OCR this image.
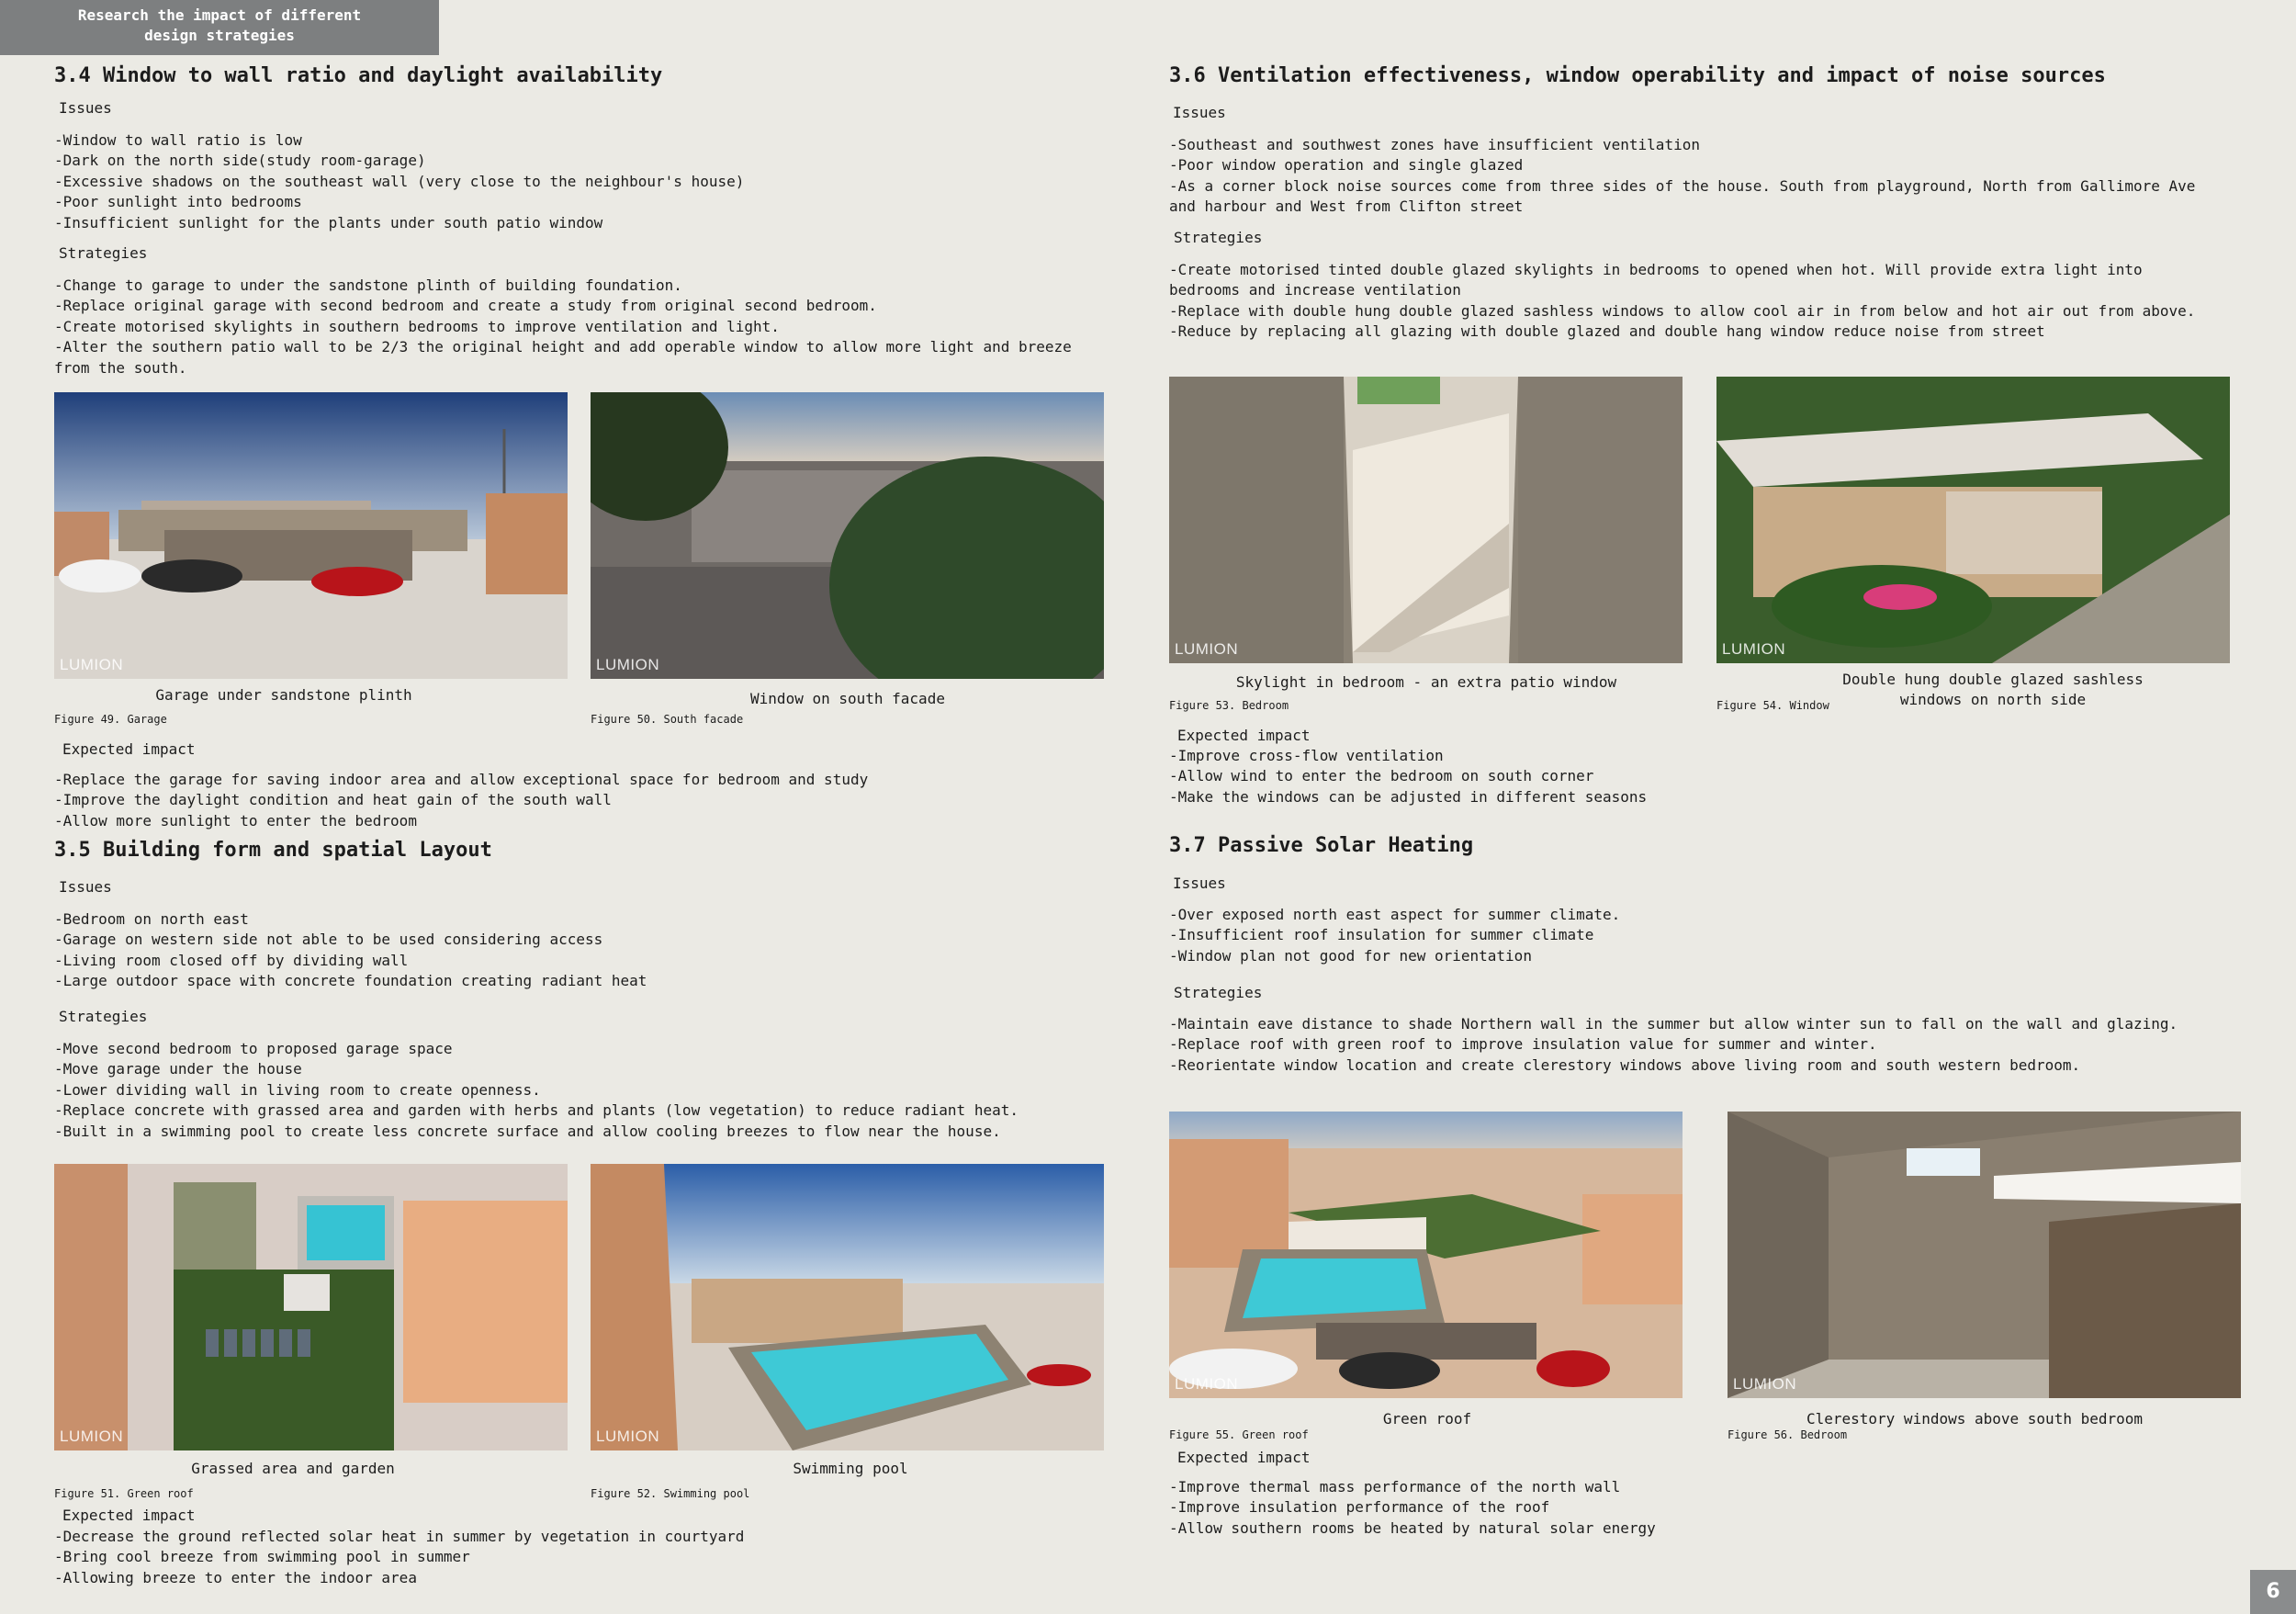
Research the impact of different
design strategies
3.4 Window to wall ratio and daylight availability
Issues
-Window to wall ratio is low
-Dark on the north side(study room-garage)
-Excessive shadows on the southeast wall (very close to the neighbour's house)
-Poor sunlight into bedrooms
-Insufficient sunlight for the plants under south patio window
Strategies
-Change to garage to under the sandstone plinth of building foundation.
-Replace original garage with second bedroom and create a study from original second bedroom.
-Create motorised skylights in southern bedrooms to improve ventilation and light.
-Alter the southern patio wall to be 2/3 the original height and add operable window to allow more light and breeze from the south.
LUMION
Garage under sandstone plinth
Figure 49. Garage
LUMION
Window on south facade
Figure 50. South facade
Expected impact
-Replace the garage for saving indoor area and allow exceptional space for bedroom and study
-Improve the daylight condition and heat gain of the south wall
-Allow more sunlight to enter the bedroom
3.5 Building form and spatial Layout
Issues
-Bedroom on north east
-Garage on western side not able to be used considering access
-Living room closed off by dividing wall
-Large outdoor space with concrete foundation creating radiant heat
Strategies
-Move second bedroom to proposed garage space
-Move garage under the house
-Lower dividing wall in living room to create openness.
-Replace concrete with grassed area and garden with herbs and plants (low vegetation) to reduce radiant heat.
-Built in a swimming pool to create less concrete surface and allow cooling breezes to flow near the house.
LUMION
Grassed area and garden
Figure 51. Green roof
LUMION
Swimming pool
Figure 52. Swimming pool
Expected impact
-Decrease the ground reflected solar heat in summer by vegetation in courtyard
-Bring cool breeze from swimming pool in summer
-Allowing breeze to enter the indoor area
3.6 Ventilation effectiveness, window operability and impact of noise sources
Issues
-Southeast and southwest zones have insufficient ventilation
-Poor window operation and single glazed
-As a corner block noise sources come from three sides of the house. South from playground, North from Gallimore Ave and harbour and West from Clifton street
Strategies
-Create motorised tinted double glazed skylights in bedrooms to opened when hot. Will provide extra light into bedrooms and increase ventilation
-Replace with double hung double glazed sashless windows to allow cool air in from below and hot air out from above.
-Reduce by replacing all glazing with double glazed and double hang window reduce noise from street
LUMION
Skylight in bedroom - an extra patio window
Figure 53. Bedroom
LUMION
Double hung double glazed sashless
windows on north side
Figure 54. Window
Expected impact
-Improve cross-flow ventilation
-Allow wind to enter the bedroom on south corner
-Make the windows can be adjusted in different seasons
3.7 Passive Solar Heating
Issues
-Over exposed north east aspect for summer climate.
-Insufficient roof insulation for summer climate
-Window plan not good for new orientation
Strategies
-Maintain eave distance to shade Northern wall in the summer but allow winter sun to fall on the wall and glazing.
-Replace roof with green roof to improve insulation value for summer and winter.
-Reorientate window location and create clerestory windows above living room and south western bedroom.
LUMION
Green roof
Figure 55. Green roof
LUMION
Clerestory windows above south bedroom
Figure 56. Bedroom
Expected impact
-Improve thermal mass performance of the north wall
-Improve insulation performance of the roof
-Allow southern rooms be heated by natural solar energy
6
